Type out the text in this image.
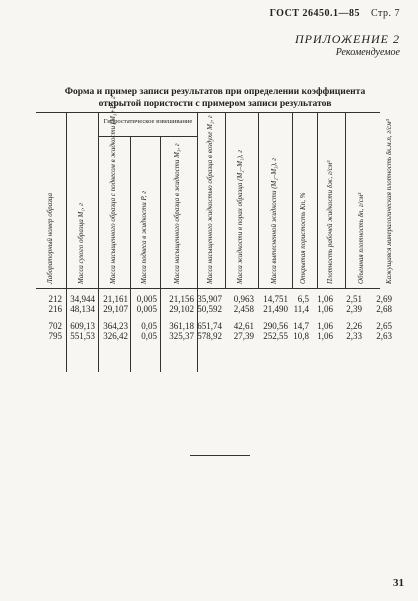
ГОСТ 26450.1—85 Стр. 7
ПРИЛОЖЕНИЕ 2
Рекомендуемое
Форма и пример записи результатов при определении коэффициента
открытой пористости с примером записи результатов
Гидростатическое взвешивание
Лабораторный номер образца	Масса сухого образца M₁, г	Масса насыщенного образца с подвесом в жидкости (M₃+P), г	Масса подвеса в жидкости P, г	Масса насыщенного образца в жидкости M₃, г	Масса насыщенного жидкостью образца в воздухе M₂, г	Масса жидкости в порах образца (M₂–M₁), г	Масса вытесненной жидкости (M₂–M₃), г	Открытая пористость Kп, %	Плотность рабочей жидкости δж, г/см³	Объемная плотность δп, г/см³	Кажущаяся минералогическая плотность δк.м.п, г/см³
212 34,944 21,161 0,005 21,156 35,907 0,963 14,751 6,5 1,06 2,51 2,69
216 48,134 29,107 0,005 29,102 50,592 2,458 21,490 11,4 1,06 2,39 2,68
702 609,13 364,23 0,05 361,18 651,74 42,61 290,56 14,7 1,06 2,26 2,65
795 551,53 326,42 0,05 325,37 578,92 27,39 252,55 10,8 1,06 2,33 2,63
31
